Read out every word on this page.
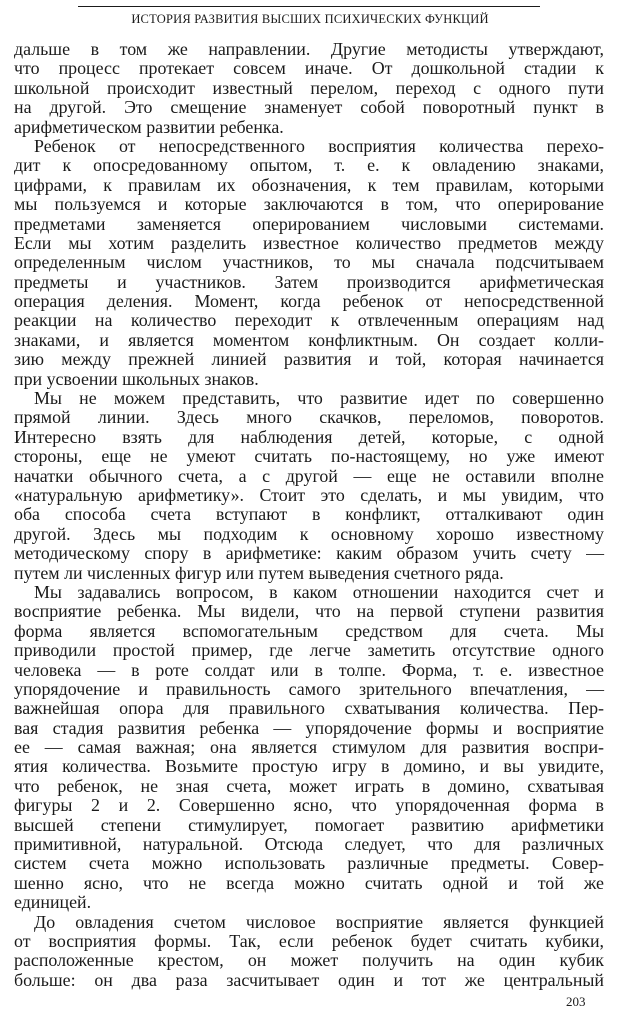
ИСТОРИЯ РАЗВИТИЯ ВЫСШИХ ПСИХИЧЕСКИХ ФУНКЦИЙ

дальше в том же направлении. Другие методисты утверждают,
что процесс протекает совсем иначе. От дошкольной стадии к
школьной происходит известный перелом, переход с одного пути
на другой. Это смещение знаменует собой поворотный пункт в
арифметическом развитии ребенка.

Ребенок от непосредственного восприятия количества перехо-
дит к опосредованному опытом, т. е. к овладению знаками,
цифрами, к правилам их обозначения, к тем правилам, которыми
мы пользуемся и которые заключаются в том, что оперирование
предметами заменяется оперированием числовыми системами.
Если мы хотим разделить известное количество предметов между
определенным числом участников, то мы сначала подсчитываем
предметы и участников. Затем производится арифметическая
операция деления. Момент, когда ребенок от непосредственной
реакции на количество переходит к отвлеченным операциям над
знаками, и является моментом конфликтным. Он создает колли-
зию между прежней линией развития и той, которая начинается
при усвоении школьных знаков.

Мы не можем представить, что развитие идет по совершенно
прямой линии. Здесь много скачков, переломов, поворотов.
Интересно взять для наблюдения детей, которые, с одной
стороны, еще не умеют считать по-настоящему, но уже имеют
начатки обычного счета, а с другой — еще не оставили вполне
«натуральную арифметику». Стоит это сделать, и мы увидим, что
оба способа счета вступают в конфликт, отталкивают один
другой. Здесь мы подходим к основному хорошо известному
методическому спору в арифметике: каким образом учить счету —
путем ли численных фигур или путем выведения счетного ряда.

Мы задавались вопросом, в каком отношении находится счет и
восприятие ребенка. Мы видели, что на первой ступени развития
форма является вспомогательным средством для счета. Мы
приводили простой пример, где легче заметить отсутствие одного
человека — в роте солдат или в толпе. Форма, т. е. известное
упорядочение и правильность самого зрительного впечатления, —
важнейшая опора для правильного схватывания количества. Пер-
вая стадия развития ребенка — упорядочение формы и восприятие
ее — самая важная; она является стимулом для развития воспри-
ятия количества. Возьмите простую игру в домино, и вы увидите,
что ребенок, не зная счета, может играть в домино, схватывая
фигуры 2 и 2. Совершенно ясно, что упорядоченная форма в
высшей степени стимулирует, помогает развитию арифметики
примитивной, натуральной. Отсюда следует, что для различных
систем счета можно использовать различные предметы. Совер-
шенно ясно, что не всегда можно считать одной и той же
единицей.

До овладения счетом числовое восприятие является функцией
от восприятия формы. Так, если ребенок будет считать кубики,
расположенные крестом, он может получить на один кубик
больше: он два раза засчитывает один и тот же центральный

203
